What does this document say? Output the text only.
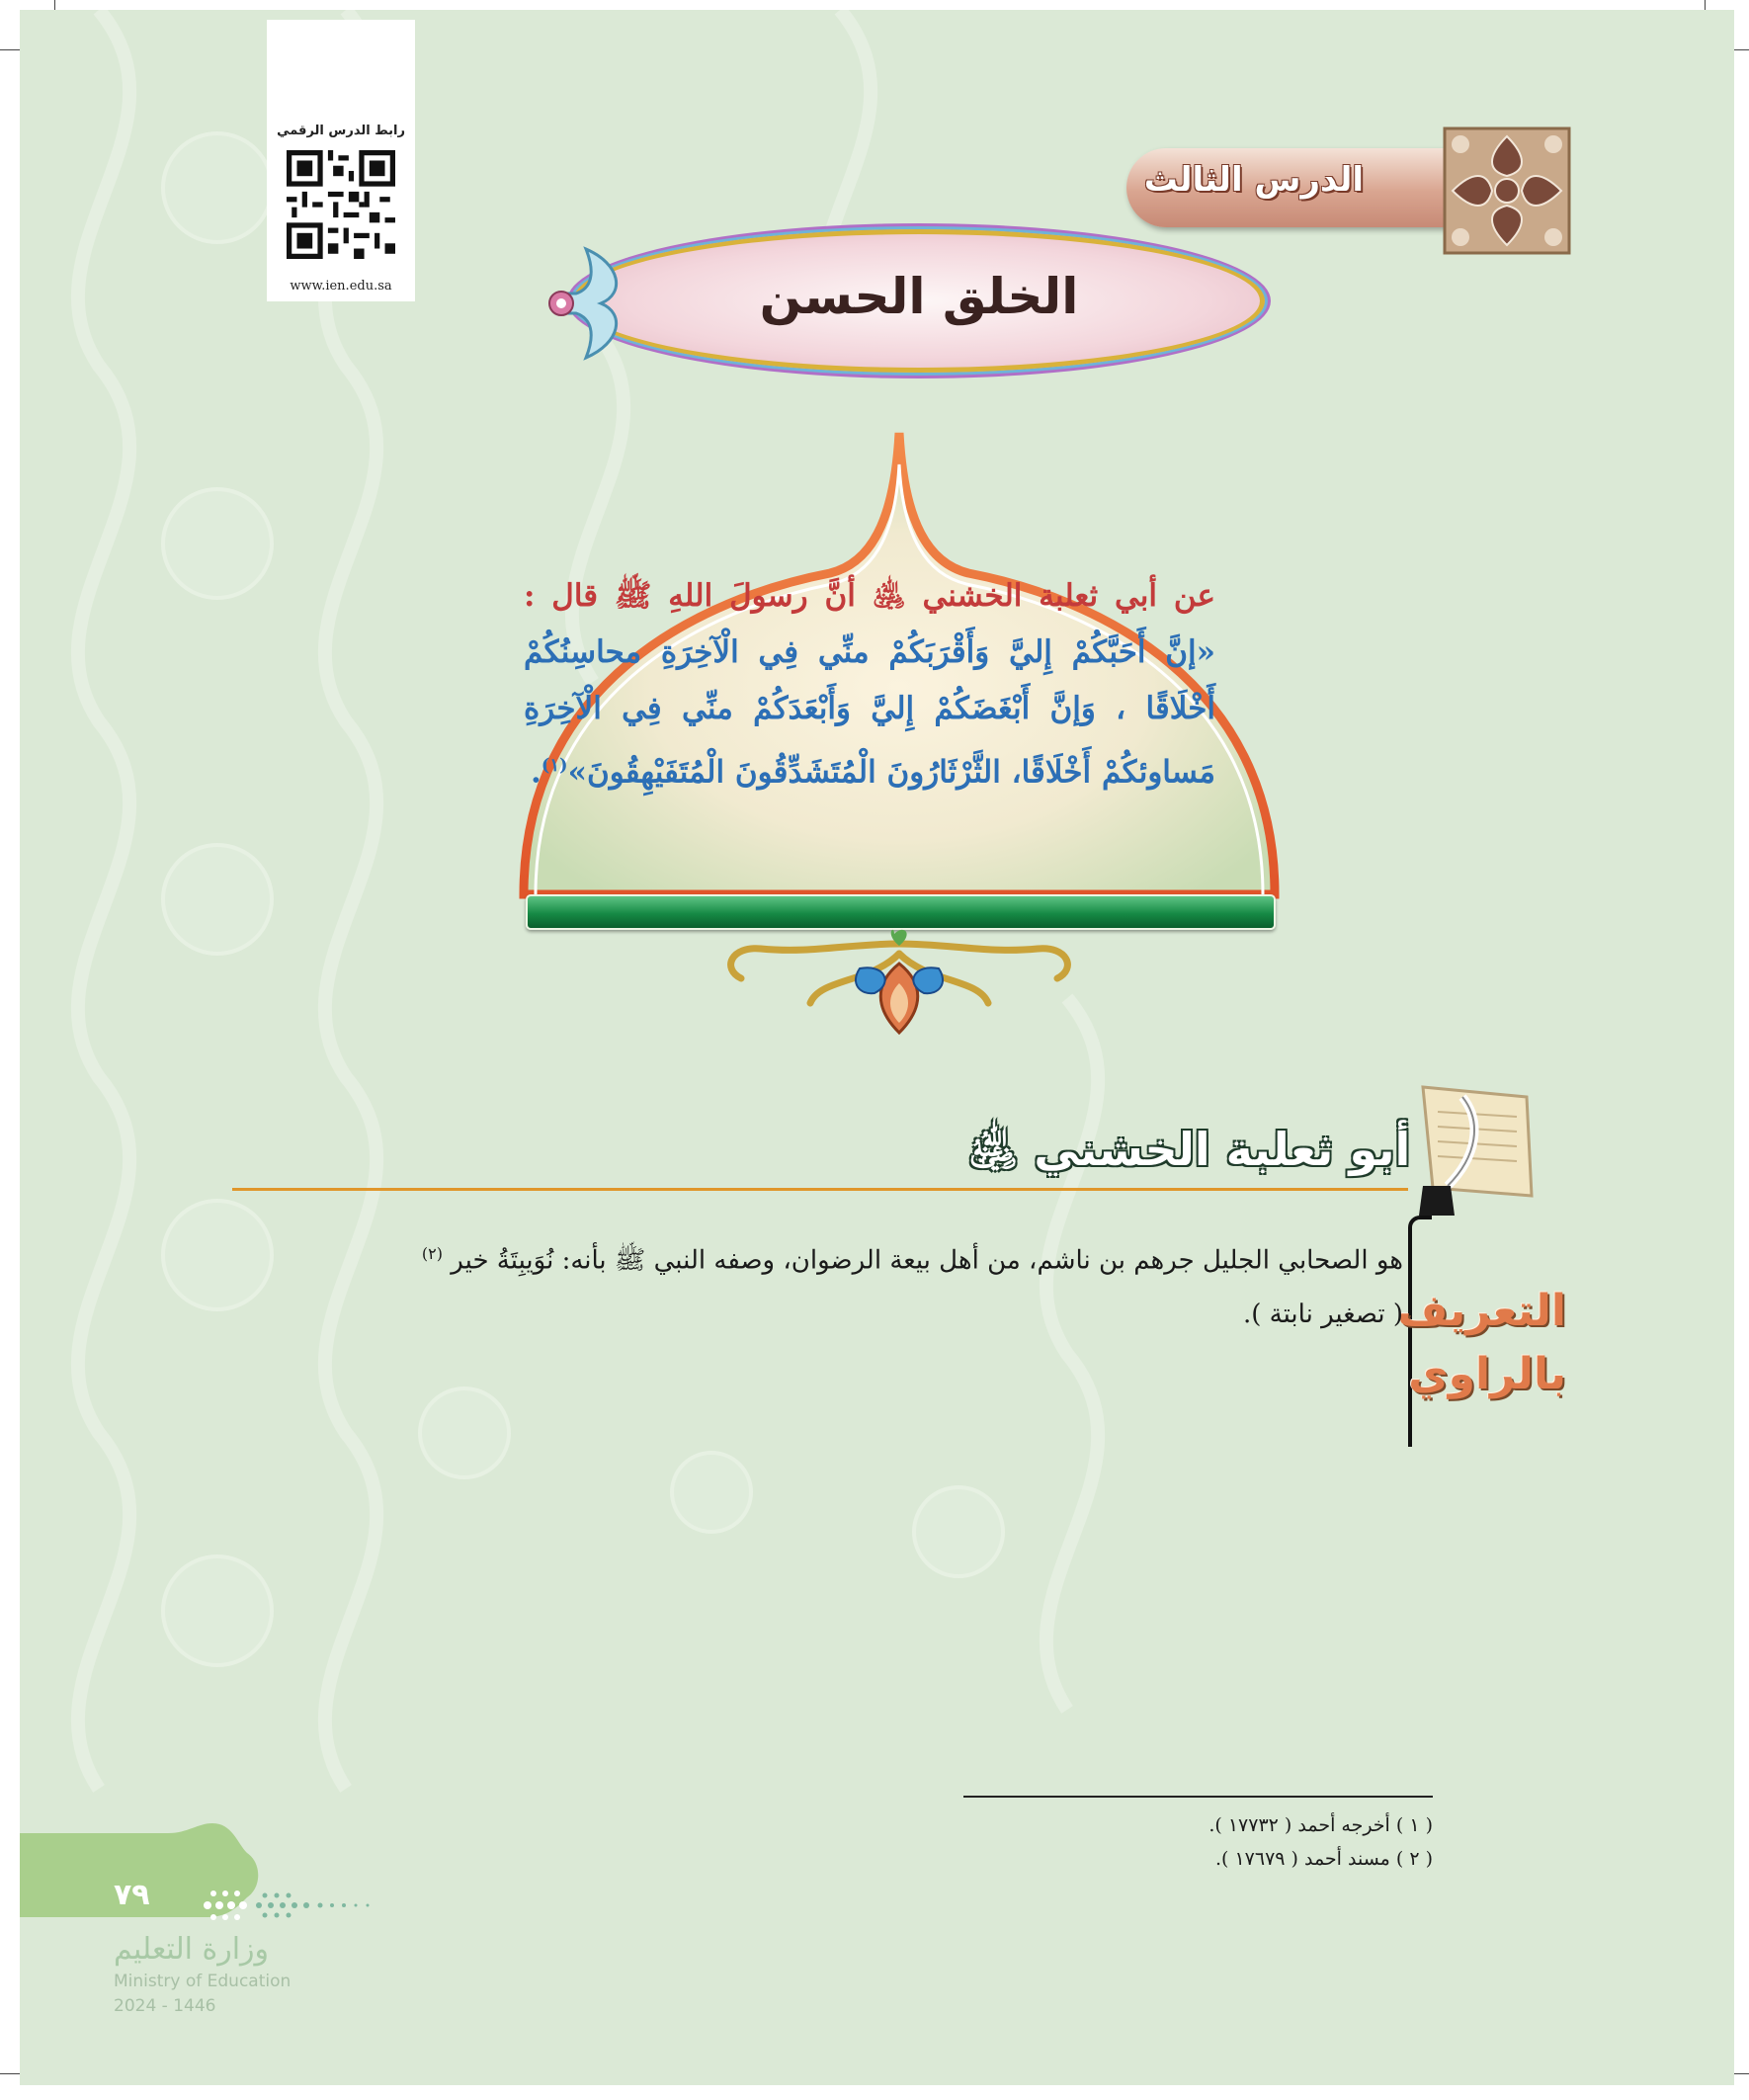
رابط الدرس الرقمي
www.ien.edu.sa
الدرس الثالث
الخلق الحسن
عن أبي ثعلبة الخشني ﵁ أنَّ رسولَ اللهِ ﷺ قال : «إنَّ أَحَبَّكُمْ إِليَّ وَأَقْرَبَكُمْ منِّي فِي الْآخِرَةِ محاسِنُكُمْ أَخْلَاقًا ، وَإنَّ أَبْغَضَكُمْ إِليَّ وَأَبْعَدَكُمْ منِّي فِي الْآخِرَةِ مَساوئكُمْ أَخْلَاقًا، الثَّرْثَارُونَ الْمُتَشَدِّقُونَ الْمُتَفَيْهِقُونَ»$^{(١)}$.
أبو ثعلبة الخشني ﵁
التعريف
بالراوي
هو الصحابي الجليل جرهم بن ناشم، من أهل بيعة الرضوان، وصفه النبي ﷺ بأنه: نُوَيبِتَةُ خير $^{(٢)}$
( تصغير نابتة ).
( ١ ) أخرجه أحمد ( ١٧٧٣٢ ).
( ٢ ) مسند أحمد ( ١٧٦٧٩ ).
٧٩
وزارة التعليم
Ministry of Education
2024 - 1446
